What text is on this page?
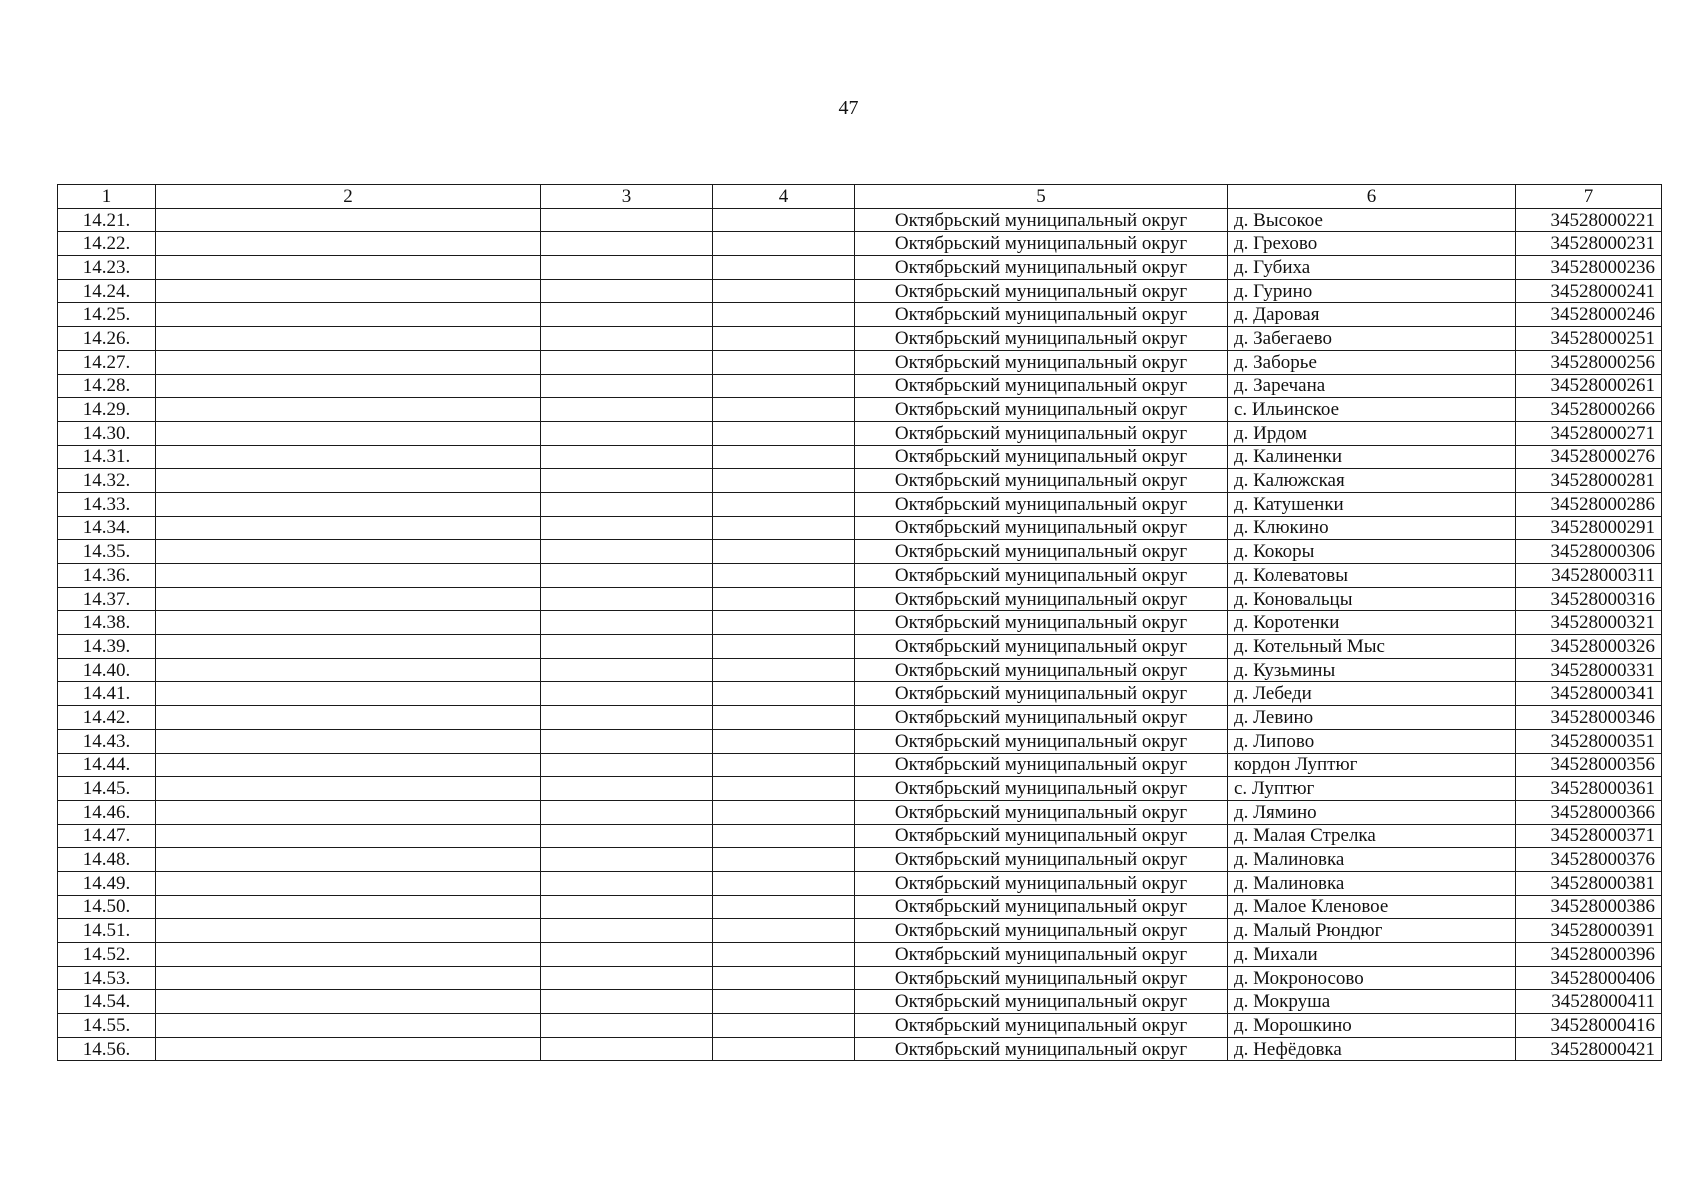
47
1	2	3	4	5	6	7
14.21.				Октябрьский муниципальный округ	д. Высокое	34528000221
14.22.				Октябрьский муниципальный округ	д. Грехово	34528000231
14.23.				Октябрьский муниципальный округ	д. Губиха	34528000236
14.24.				Октябрьский муниципальный округ	д. Гурино	34528000241
14.25.				Октябрьский муниципальный округ	д. Даровая	34528000246
14.26.				Октябрьский муниципальный округ	д. Забегаево	34528000251
14.27.				Октябрьский муниципальный округ	д. Заборье	34528000256
14.28.				Октябрьский муниципальный округ	д. Заречана	34528000261
14.29.				Октябрьский муниципальный округ	с. Ильинское	34528000266
14.30.				Октябрьский муниципальный округ	д. Ирдом	34528000271
14.31.				Октябрьский муниципальный округ	д. Калиненки	34528000276
14.32.				Октябрьский муниципальный округ	д. Калюжская	34528000281
14.33.				Октябрьский муниципальный округ	д. Катушенки	34528000286
14.34.				Октябрьский муниципальный округ	д. Клюкино	34528000291
14.35.				Октябрьский муниципальный округ	д. Кокоры	34528000306
14.36.				Октябрьский муниципальный округ	д. Колеватовы	34528000311
14.37.				Октябрьский муниципальный округ	д. Коновальцы	34528000316
14.38.				Октябрьский муниципальный округ	д. Коротенки	34528000321
14.39.				Октябрьский муниципальный округ	д. Котельный Мыс	34528000326
14.40.				Октябрьский муниципальный округ	д. Кузьмины	34528000331
14.41.				Октябрьский муниципальный округ	д. Лебеди	34528000341
14.42.				Октябрьский муниципальный округ	д. Левино	34528000346
14.43.				Октябрьский муниципальный округ	д. Липово	34528000351
14.44.				Октябрьский муниципальный округ	кордон Луптюг	34528000356
14.45.				Октябрьский муниципальный округ	с. Луптюг	34528000361
14.46.				Октябрьский муниципальный округ	д. Лямино	34528000366
14.47.				Октябрьский муниципальный округ	д. Малая Стрелка	34528000371
14.48.				Октябрьский муниципальный округ	д. Малиновка	34528000376
14.49.				Октябрьский муниципальный округ	д. Малиновка	34528000381
14.50.				Октябрьский муниципальный округ	д. Малое Кленовое	34528000386
14.51.				Октябрьский муниципальный округ	д. Малый Рюндюг	34528000391
14.52.				Октябрьский муниципальный округ	д. Михали	34528000396
14.53.				Октябрьский муниципальный округ	д. Мокроносово	34528000406
14.54.				Октябрьский муниципальный округ	д. Мокруша	34528000411
14.55.				Октябрьский муниципальный округ	д. Морошкино	34528000416
14.56.				Октябрьский муниципальный округ	д. Нефёдовка	34528000421
